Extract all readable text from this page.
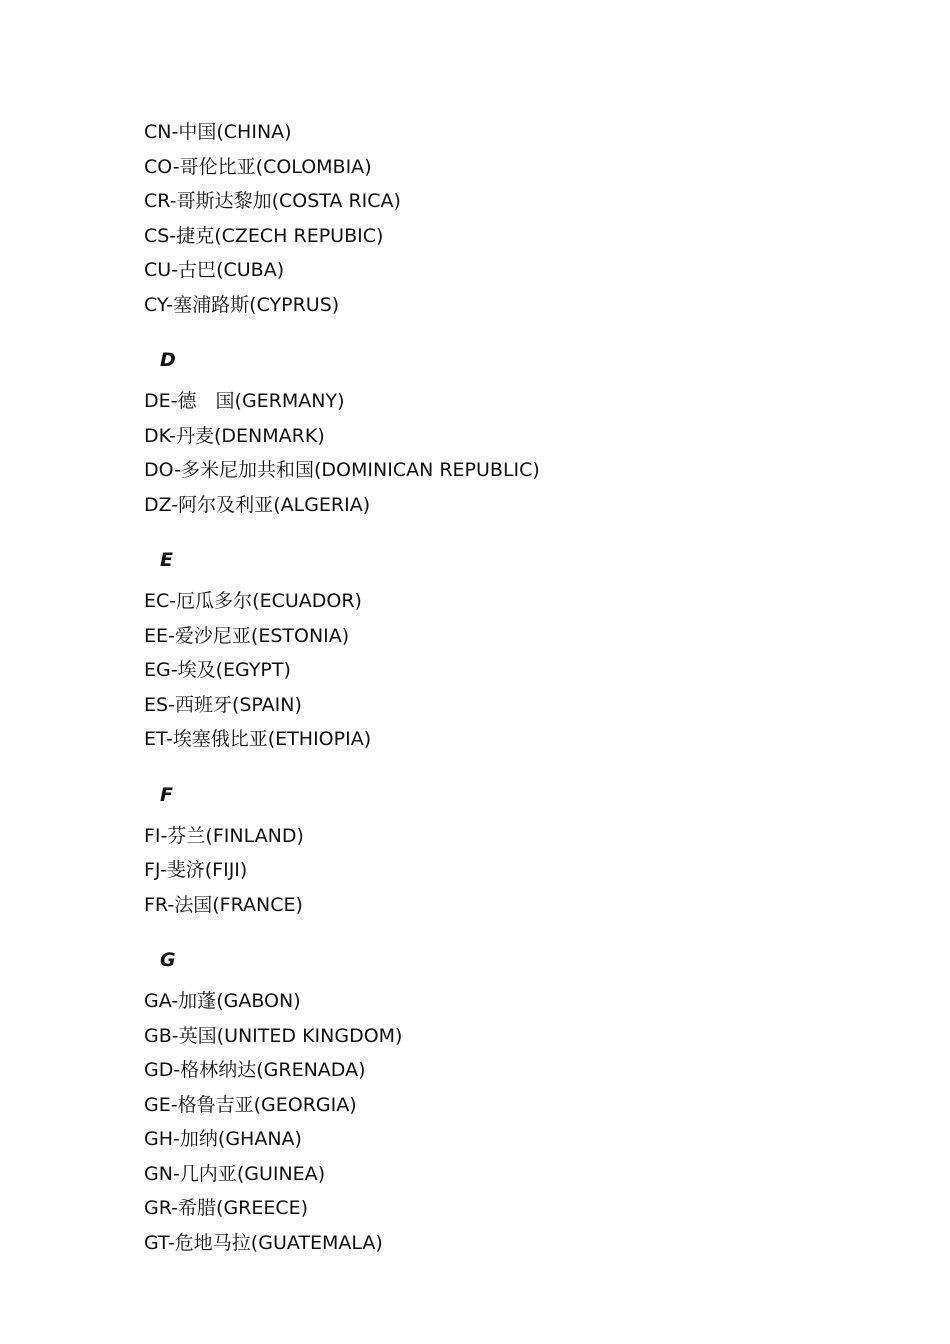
CN-中国(CHINA)
CO-哥伦比亚(COLOMBIA)
CR-哥斯达黎加(COSTA RICA)
CS-捷克(CZECH REPUBIC)
CU-古巴(CUBA)
CY-塞浦路斯(CYPRUS)
D
DE-德　国(GERMANY)
DK-丹麦(DENMARK)
DO-多米尼加共和国(DOMINICAN REPUBLIC)
DZ-阿尔及利亚(ALGERIA)
E
EC-厄瓜多尔(ECUADOR)
EE-爱沙尼亚(ESTONIA)
EG-埃及(EGYPT)
ES-西班牙(SPAIN)
ET-埃塞俄比亚(ETHIOPIA)
F
FI-芬兰(FINLAND)
FJ-斐济(FIJI)
FR-法国(FRANCE)
G
GA-加蓬(GABON)
GB-英国(UNITED KINGDOM)
GD-格林纳达(GRENADA)
GE-格鲁吉亚(GEORGIA)
GH-加纳(GHANA)
GN-几内亚(GUINEA)
GR-希腊(GREECE)
GT-危地马拉(GUATEMALA)
